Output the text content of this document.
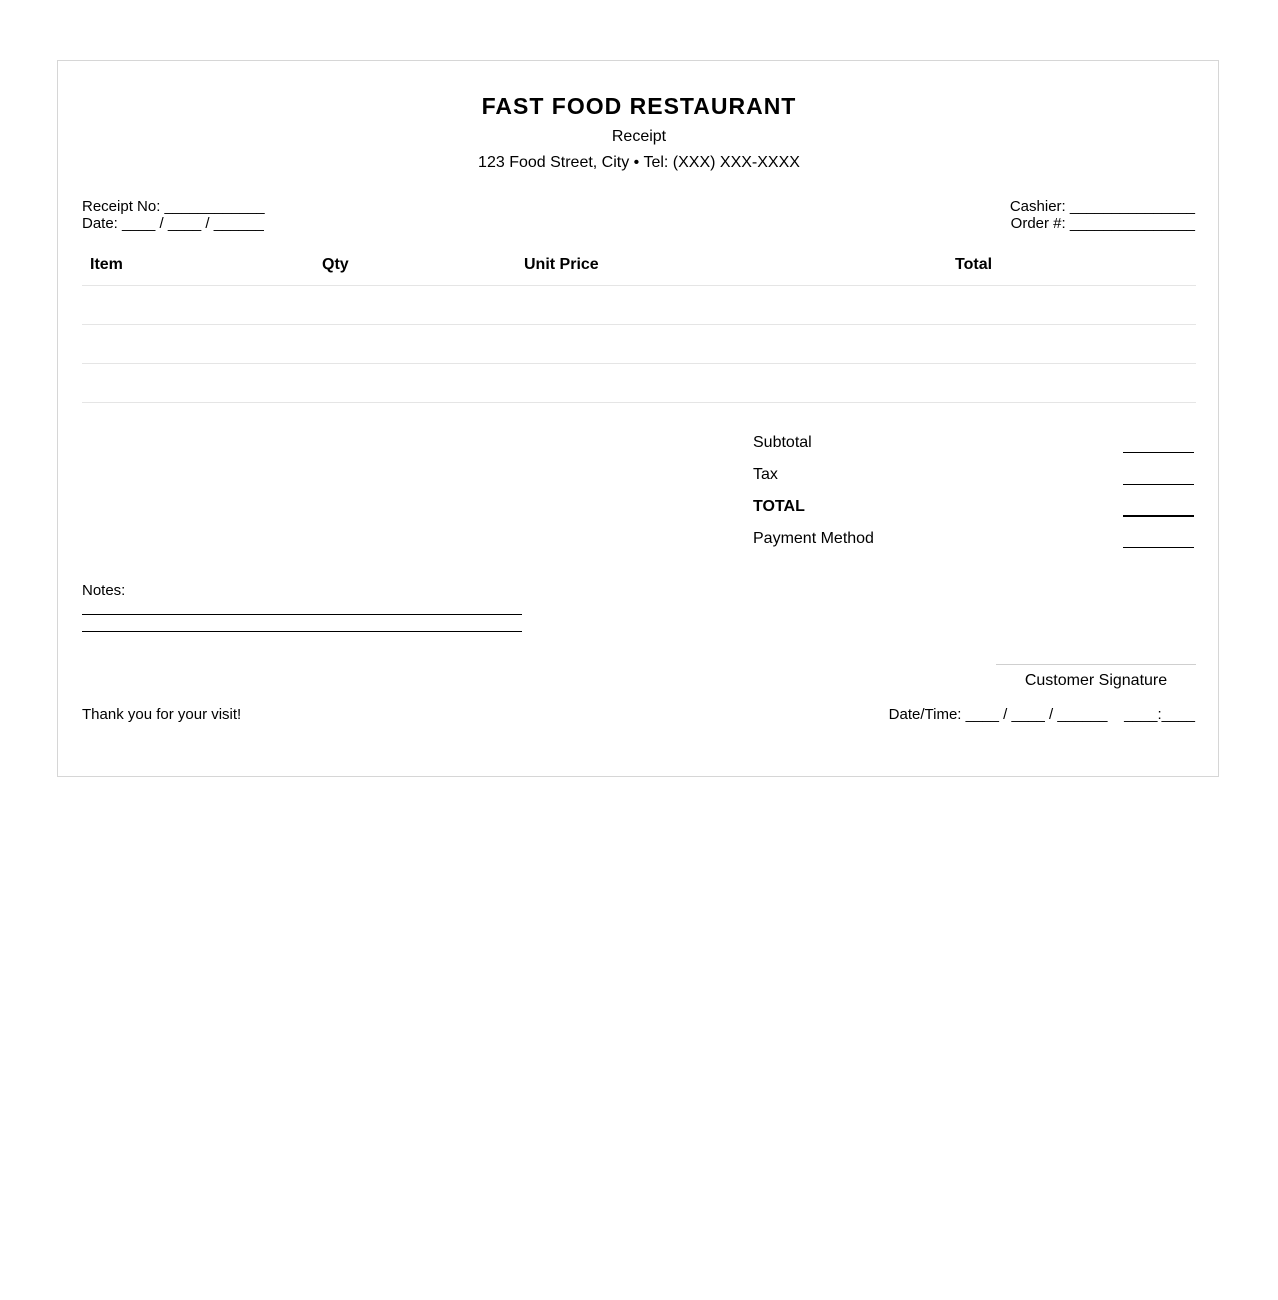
FAST FOOD RESTAURANT
Receipt
123 Food Street, City • Tel: (XXX) XXX-XXXX
Receipt No: ____________
Date: ____ / ____ / ______
Cashier: _______________
Order #: _______________
Item	Qty	Unit Price	Total
Subtotal
Tax
TOTAL
Payment Method
Notes:
Customer Signature
Thank you for your visit!	Date/Time: ____ / ____ / ______    ____:____
